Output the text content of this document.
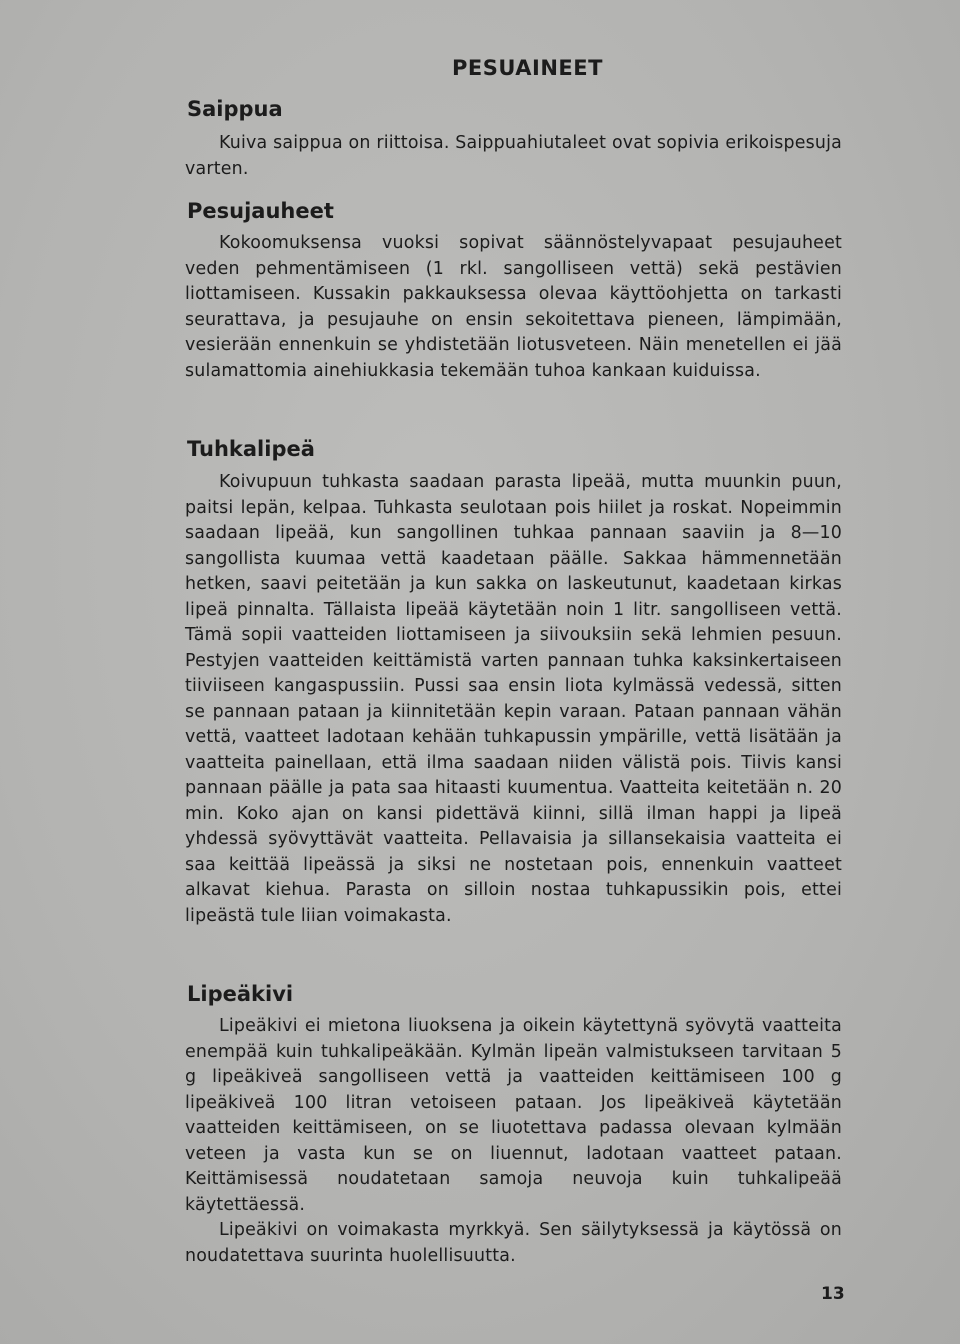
PESUAINEET
Saippua
Kuiva saippua on riittoisa. Saippuahiutaleet ovat sopivia erikoispesuja varten.
Pesujauheet
Kokoomuksensa vuoksi sopivat säännöstelyvapaat pesujauheet veden pehmentämiseen (1 rkl. sangolliseen vettä) sekä pestävien liottamiseen. Kussakin pakkauksessa olevaa käyttöohjetta on tarkasti seurattava, ja pesujauhe on ensin sekoitettava pieneen, lämpimään, vesierään ennenkuin se yhdistetään liotusveteen. Näin menetellen ei jää sulamattomia ainehiukkasia tekemään tuhoa kankaan kuiduissa.
Tuhkalipeä
Koivupuun tuhkasta saadaan parasta lipeää, mutta muunkin puun, paitsi lepän, kelpaa. Tuhkasta seulotaan pois hiilet ja roskat. Nopeimmin saadaan lipeää, kun sangollinen tuhkaa pannaan saaviin ja 8—10 sangollista kuumaa vettä kaadetaan päälle. Sakkaa hämmennetään hetken, saavi peitetään ja kun sakka on laskeutunut, kaadetaan kirkas lipeä pinnalta. Tällaista lipeää käytetään noin 1 litr. sangolliseen vettä. Tämä sopii vaatteiden liottamiseen ja siivouksiin sekä lehmien pesuun. Pestyjen vaatteiden keittämistä varten pannaan tuhka kaksinkertaiseen tiiviiseen kangaspussiin. Pussi saa ensin liota kylmässä vedessä, sitten se pannaan pataan ja kiinnitetään kepin varaan. Pataan pannaan vähän vettä, vaatteet ladotaan kehään tuhkapussin ympärille, vettä lisätään ja vaatteita painellaan, että ilma saadaan niiden välistä pois. Tiivis kansi pannaan päälle ja pata saa hitaasti kuumentua. Vaatteita keitetään n. 20 min. Koko ajan on kansi pidettävä kiinni, sillä ilman happi ja lipeä yhdessä syövyttävät vaatteita. Pellavaisia ja sillansekaisia vaatteita ei saa keittää lipeässä ja siksi ne nostetaan pois, ennenkuin vaatteet alkavat kiehua. Parasta on silloin nostaa tuhkapussikin pois, ettei lipeästä tule liian voimakasta.
Lipeäkivi
Lipeäkivi ei mietona liuoksena ja oikein käytettynä syövytä vaatteita enempää kuin tuhkalipeäkään. Kylmän lipeän valmistukseen tarvitaan 5 g lipeäkiveä sangolliseen vettä ja vaatteiden keittämiseen 100 g lipeäkiveä 100 litran vetoiseen pataan. Jos lipeäkiveä käytetään vaatteiden keittämiseen, on se liuotettava padassa olevaan kylmään veteen ja vasta kun se on liuennut, ladotaan vaatteet pataan. Keittämisessä noudatetaan samoja neuvoja kuin tuhkalipeää käytettäessä.
Lipeäkivi on voimakasta myrkkyä. Sen säilytyksessä ja käytössä on noudatettava suurinta huolellisuutta.
13
